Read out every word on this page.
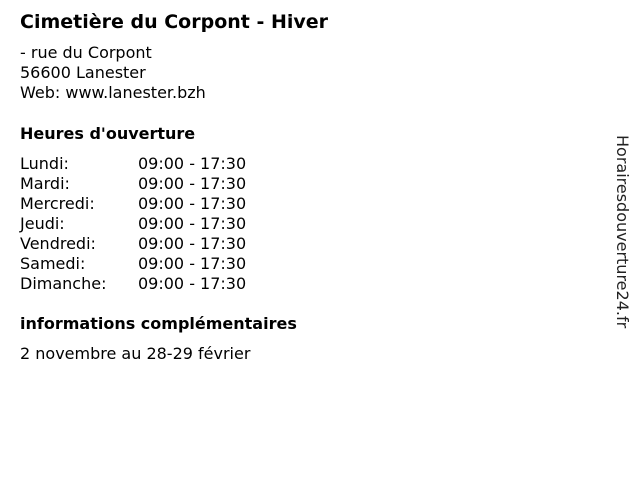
Cimetière du Corpont - Hiver
- rue du Corpont
56600 Lanester
Web: www.lanester.bzh
Heures d'ouverture
Lundi:	09:00 - 17:30
Mardi:	09:00 - 17:30
Mercredi:	09:00 - 17:30
Jeudi:	09:00 - 17:30
Vendredi:	09:00 - 17:30
Samedi:	09:00 - 17:30
Dimanche: 09:00 - 17:30
informations complémentaires
2 novembre au 28-29 février
Horairesdouverture24.fr
